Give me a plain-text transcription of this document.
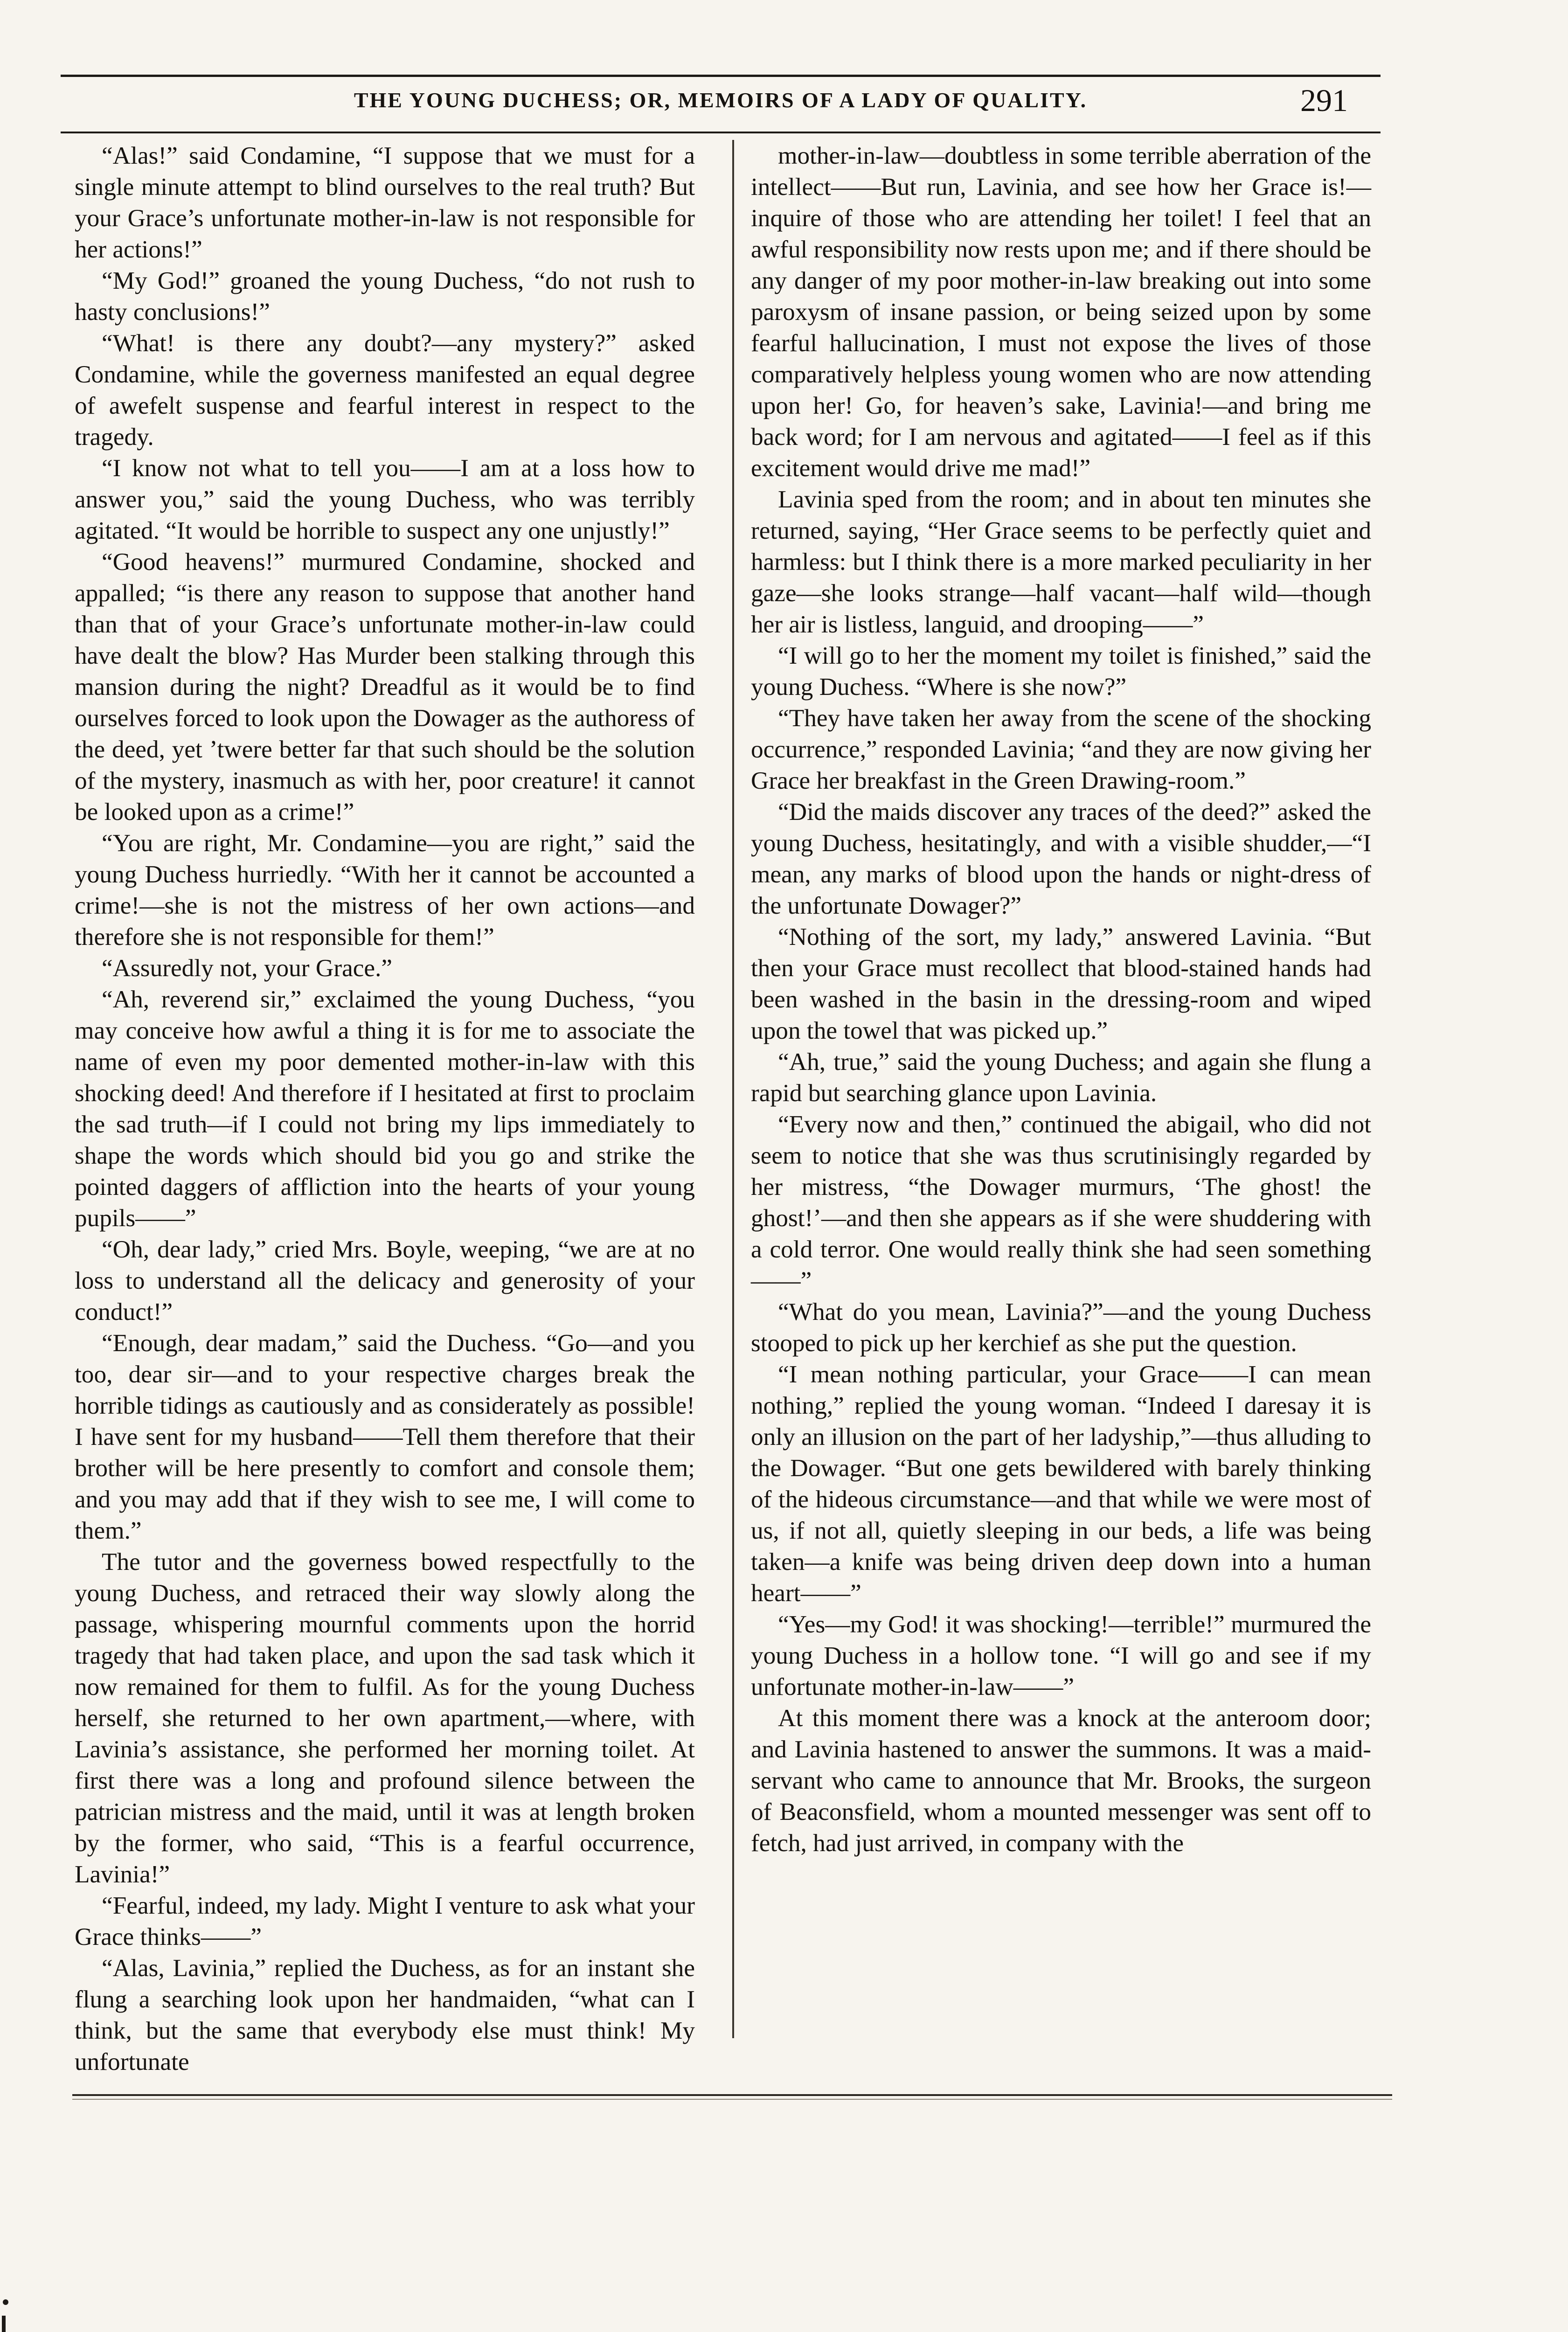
THE YOUNG DUCHESS; OR, MEMOIRS OF A LADY OF QUALITY.	291

“Alas!” said Condamine, “I suppose that we must for a single minute attempt to blind ourselves to the real truth? But your Grace’s unfortunate mother-in-law is not responsible for her actions!”

“My God!” groaned the young Duchess, “do not rush to hasty conclusions!”

“What! is there any doubt?—any mystery?” asked Condamine, while the governess manifested an equal degree of awefelt suspense and fearful interest in respect to the tragedy.

“I know not what to tell you——I am at a loss how to answer you,” said the young Duchess, who was terribly agitated. “It would be horrible to suspect any one unjustly!”

“Good heavens!” murmured Condamine, shocked and appalled; “is there any reason to suppose that another hand than that of your Grace’s unfortunate mother-in-law could have dealt the blow? Has Murder been stalking through this mansion during the night? Dreadful as it would be to find ourselves forced to look upon the Dowager as the authoress of the deed, yet ’twere better far that such should be the solution of the mystery, inasmuch as with her, poor creature! it cannot be looked upon as a crime!”

“You are right, Mr. Condamine—you are right,” said the young Duchess hurriedly. “With her it cannot be accounted a crime!—she is not the mistress of her own actions—and therefore she is not responsible for them!”

“Assuredly not, your Grace.”

“Ah, reverend sir,” exclaimed the young Duchess, “you may conceive how awful a thing it is for me to associate the name of even my poor demented mother-in-law with this shocking deed! And therefore if I hesitated at first to proclaim the sad truth—if I could not bring my lips immediately to shape the words which should bid you go and strike the pointed daggers of affliction into the hearts of your young pupils——”

“Oh, dear lady,” cried Mrs. Boyle, weeping, “we are at no loss to understand all the delicacy and generosity of your conduct!”

“Enough, dear madam,” said the Duchess. “Go—and you too, dear sir—and to your respective charges break the horrible tidings as cautiously and as considerately as possible! I have sent for my husband——Tell them therefore that their brother will be here presently to comfort and console them; and you may add that if they wish to see me, I will come to them.”

The tutor and the governess bowed respectfully to the young Duchess, and retraced their way slowly along the passage, whispering mournful comments upon the horrid tragedy that had taken place, and upon the sad task which it now remained for them to fulfil. As for the young Duchess herself, she returned to her own apartment,—where, with Lavinia’s assistance, she performed her morning toilet. At first there was a long and profound silence between the patrician mistress and the maid, until it was at length broken by the former, who said, “This is a fearful occurrence, Lavinia!”

“Fearful, indeed, my lady. Might I venture to ask what your Grace thinks——”

“Alas, Lavinia,” replied the Duchess, as for an instant she flung a searching look upon her handmaiden, “what can I think, but the same that everybody else must think! My unfortunate

mother-in-law—doubtless in some terrible aberration of the intellect——But run, Lavinia, and see how her Grace is!—inquire of those who are attending her toilet! I feel that an awful responsibility now rests upon me; and if there should be any danger of my poor mother-in-law breaking out into some paroxysm of insane passion, or being seized upon by some fearful hallucination, I must not expose the lives of those comparatively helpless young women who are now attending upon her! Go, for heaven’s sake, Lavinia!—and bring me back word; for I am nervous and agitated——I feel as if this excitement would drive me mad!”

Lavinia sped from the room; and in about ten minutes she returned, saying, “Her Grace seems to be perfectly quiet and harmless: but I think there is a more marked peculiarity in her gaze—she looks strange—half vacant—half wild—though her air is listless, languid, and drooping——”

“I will go to her the moment my toilet is finished,” said the young Duchess. “Where is she now?”

“They have taken her away from the scene of the shocking occurrence,” responded Lavinia; “and they are now giving her Grace her breakfast in the Green Drawing-room.”

“Did the maids discover any traces of the deed?” asked the young Duchess, hesitatingly, and with a visible shudder,—“I mean, any marks of blood upon the hands or night-dress of the unfortunate Dowager?”

“Nothing of the sort, my lady,” answered Lavinia. “But then your Grace must recollect that blood-stained hands had been washed in the basin in the dressing-room and wiped upon the towel that was picked up.”

“Ah, true,” said the young Duchess; and again she flung a rapid but searching glance upon Lavinia.

“Every now and then,” continued the abigail, who did not seem to notice that she was thus scrutinisingly regarded by her mistress, “the Dowager murmurs, ‘The ghost! the ghost!’—and then she appears as if she were shuddering with a cold terror. One would really think she had seen something——”

“What do you mean, Lavinia?”—and the young Duchess stooped to pick up her kerchief as she put the question.

“I mean nothing particular, your Grace——I can mean nothing,” replied the young woman. “Indeed I daresay it is only an illusion on the part of her ladyship,”—thus alluding to the Dowager. “But one gets bewildered with barely thinking of the hideous circumstance—and that while we were most of us, if not all, quietly sleeping in our beds, a life was being taken—a knife was being driven deep down into a human heart——”

“Yes—my God! it was shocking!—terrible!” murmured the young Duchess in a hollow tone. “I will go and see if my unfortunate mother-in-law——”

At this moment there was a knock at the anteroom door; and Lavinia hastened to answer the summons. It was a maid-servant who came to announce that Mr. Brooks, the surgeon of Beaconsfield, whom a mounted messenger was sent off to fetch, had just arrived, in company with the
